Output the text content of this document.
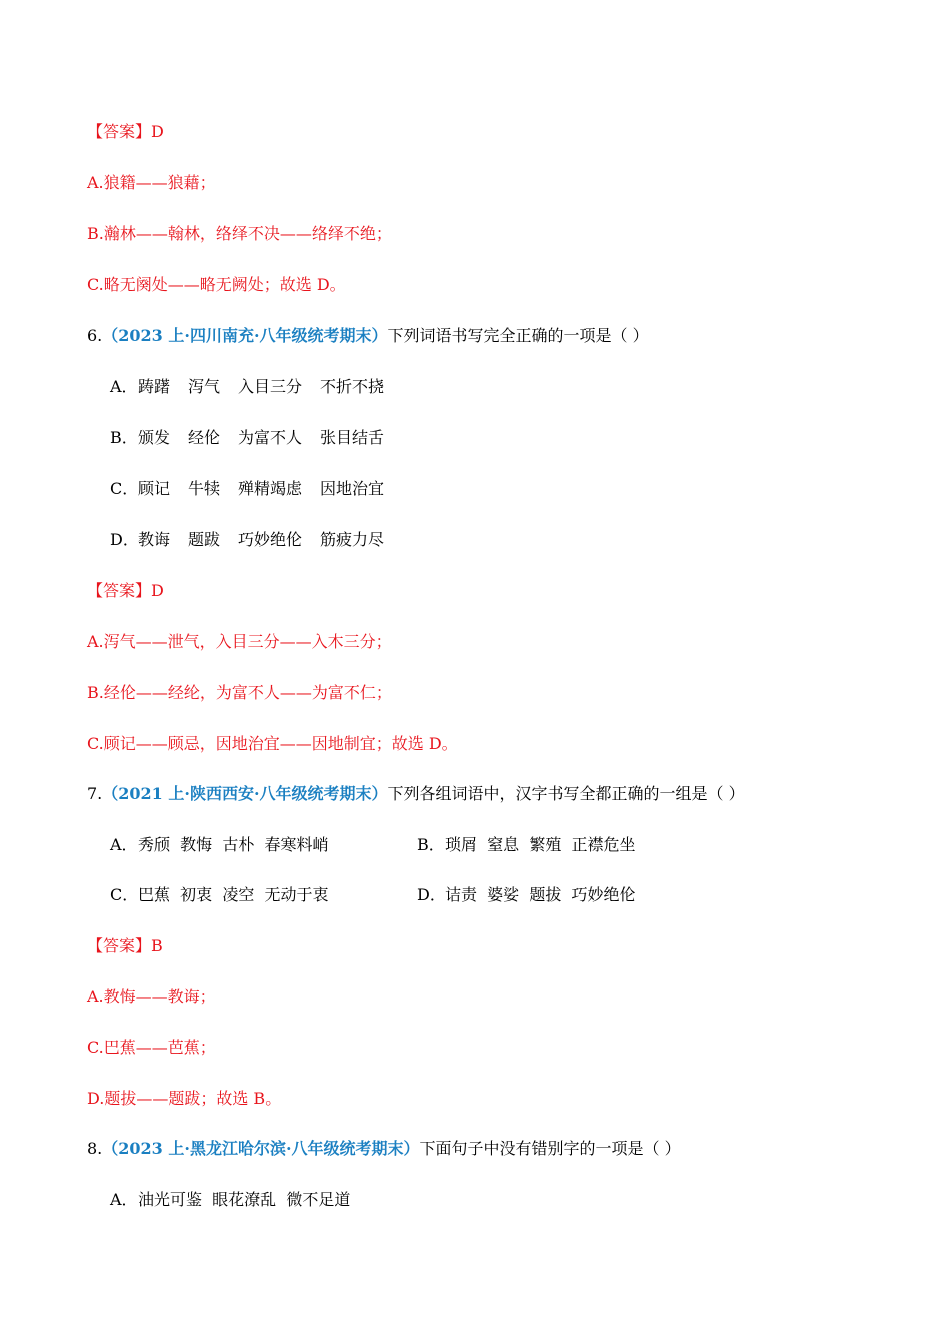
【答案】D
A.狼籍——狼藉；
B.瀚林——翰林，络绎不决——络绎不绝；
C.略无阕处——略无阙处；故选 D。
6.（2023 上·四川南充·八年级统考期末）下列词语书写完全正确的一项是（ ）
A．踌躇 泻气 入目三分 不折不挠
B．颁发 经伦 为富不人 张目结舌
C．顾记 牛犊 殚精竭虑 因地治宜
D．教诲 题跋 巧妙绝伦 筋疲力尽
【答案】D
A.泻气——泄气，入目三分——入木三分；
B.经伦——经纶，为富不人——为富不仁；
C.顾记——顾忌，因地治宜——因地制宜；故选 D。
7.（2021 上·陕西西安·八年级统考期末）下列各组词语中，汉字书写全都正确的一组是（ ）
A．秀颀  教悔  古朴  春寒料峭	B．琐屑  窒息  繁殖  正襟危坐
C．巴蕉  初衷  凌空  无动于衷	D．诘责  婆娑  题拔  巧妙绝伦
【答案】B
A.教悔——教诲；
C.巴蕉——芭蕉；
D.题拔——题跋；故选 B。
8.（2023 上·黑龙江哈尔滨·八年级统考期末）下面句子中没有错别字的一项是（ ）
A．油光可鉴  眼花潦乱  微不足道
